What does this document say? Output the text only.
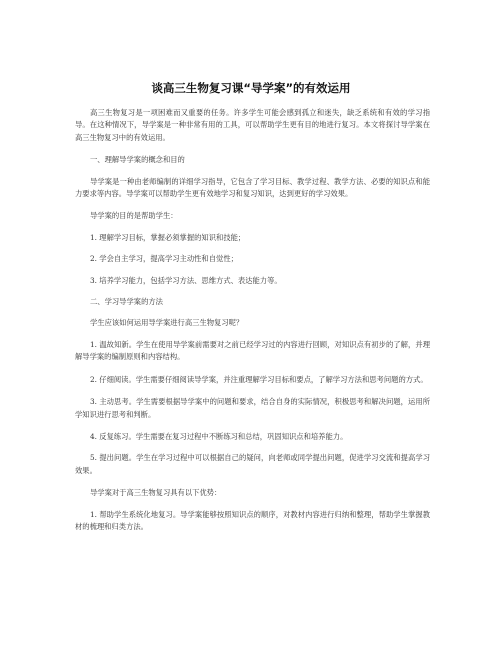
谈高三生物复习课“导学案”的有效运用

高三生物复习是一项困难而又重要的任务。许多学生可能会感到孤立和迷失，缺乏系统和有效的学习指导。在这种情况下，导学案是一种非常有用的工具，可以帮助学生更有目的地进行复习。本文将探讨导学案在高三生物复习中的有效运用。

一、理解导学案的概念和目的

导学案是一种由老师编制的详细学习指导，它包含了学习目标、教学过程、教学方法、必要的知识点和能力要求等内容。导学案可以帮助学生更有效地学习和复习知识，达到更好的学习效果。

导学案的目的是帮助学生：

1. 理解学习目标，掌握必须掌握的知识和技能；

2. 学会自主学习，提高学习主动性和自觉性；

3. 培养学习能力，包括学习方法、思维方式、表达能力等。

二、学习导学案的方法

学生应该如何运用导学案进行高三生物复习呢？

1. 温故知新。学生在使用导学案前需要对之前已经学习过的内容进行回顾，对知识点有初步的了解，并理解导学案的编制原则和内容结构。

2. 仔细阅读。学生需要仔细阅读导学案，并注重理解学习目标和要点，了解学习方法和思考问题的方式。

3. 主动思考。学生需要根据导学案中的问题和要求，结合自身的实际情况，积极思考和解决问题，运用所学知识进行思考和判断。

4. 反复练习。学生需要在复习过程中不断练习和总结，巩固知识点和培养能力。

5. 提出问题。学生在学习过程中可以根据自己的疑问，向老师或同学提出问题，促进学习交流和提高学习效果。

导学案对于高三生物复习具有以下优势：

1. 帮助学生系统化地复习。导学案能够按照知识点的顺序，对教材内容进行归纳和整理，帮助学生掌握教材的梳理和归类方法。
